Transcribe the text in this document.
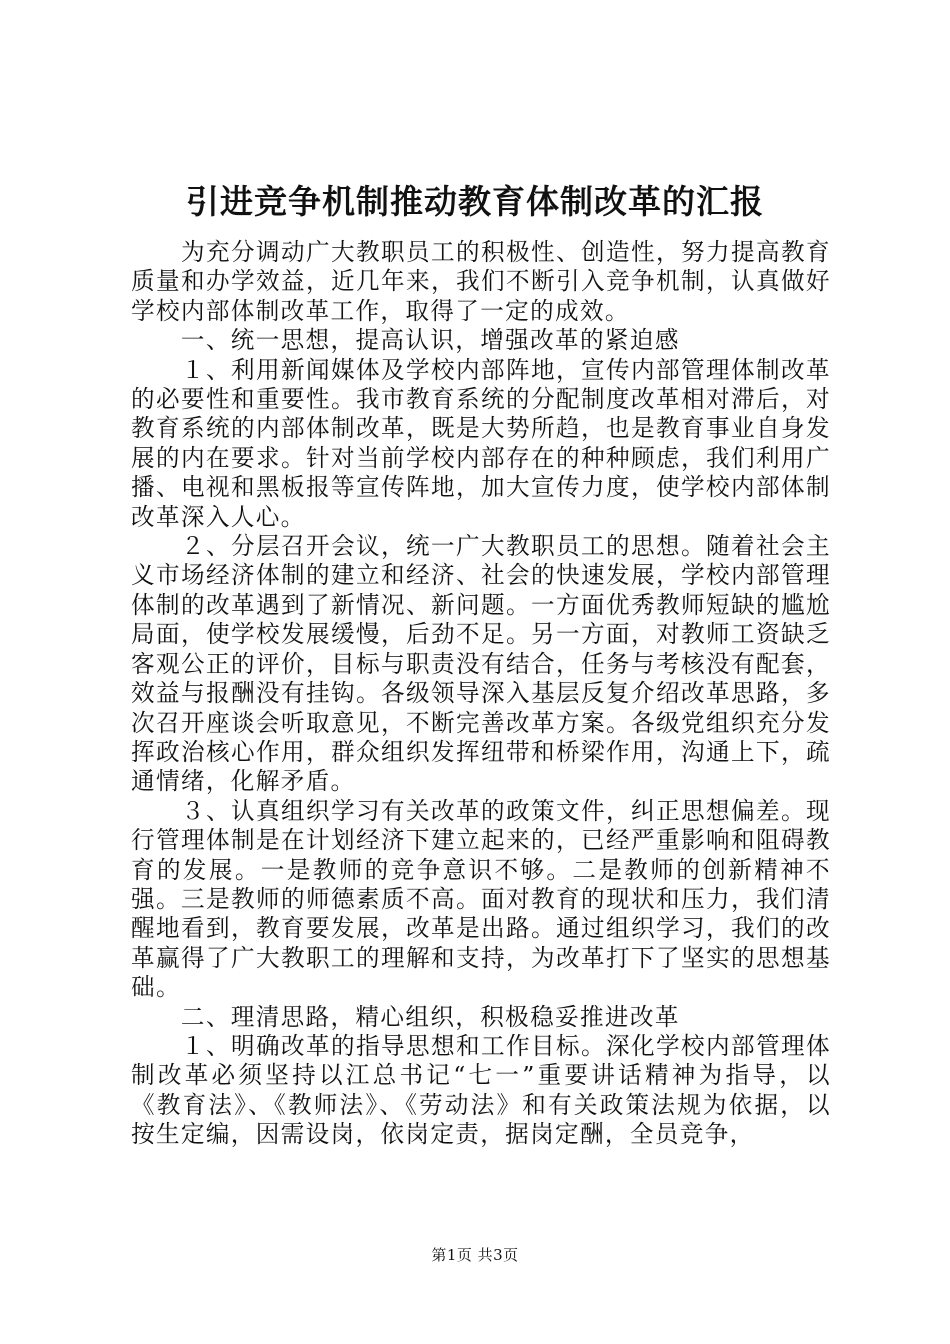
引进竞争机制推动教育体制改革的汇报

　　为充分调动广大教职员工的积极性、创造性，努力提高教育质量和办学效益，近几年来，我们不断引入竞争机制，认真做好学校内部体制改革工作，取得了一定的成效。

　　一、统一思想，提高认识，增强改革的紧迫感

　　１、利用新闻媒体及学校内部阵地，宣传内部管理体制改革的必要性和重要性。我市教育系统的分配制度改革相对滞后，对教育系统的内部体制改革，既是大势所趋，也是教育事业自身发展的内在要求。针对当前学校内部存在的种种顾虑，我们利用广播、电视和黑板报等宣传阵地，加大宣传力度，使学校内部体制改革深入人心。

　　２、分层召开会议，统一广大教职员工的思想。随着社会主义市场经济体制的建立和经济、社会的快速发展，学校内部管理体制的改革遇到了新情况、新问题。一方面优秀教师短缺的尴尬局面，使学校发展缓慢，后劲不足。另一方面，对教师工资缺乏客观公正的评价，目标与职责没有结合，任务与考核没有配套，效益与报酬没有挂钩。各级领导深入基层反复介绍改革思路，多次召开座谈会听取意见，不断完善改革方案。各级党组织充分发挥政治核心作用，群众组织发挥纽带和桥梁作用，沟通上下，疏通情绪，化解矛盾。

　　３、认真组织学习有关改革的政策文件，纠正思想偏差。现行管理体制是在计划经济下建立起来的，已经严重影响和阻碍教育的发展。一是教师的竞争意识不够。二是教师的创新精神不强。三是教师的师德素质不高。面对教育的现状和压力，我们清醒地看到，教育要发展，改革是出路。通过组织学习，我们的改革赢得了广大教职工的理解和支持，为改革打下了坚实的思想基础。

　　二、理清思路，精心组织，积极稳妥推进改革

　　１、明确改革的指导思想和工作目标。深化学校内部管理体制改革必须坚持以江总书记“七一”重要讲话精神为指导，以《教育法》、《教师法》、《劳动法》和有关政策法规为依据，以按生定编，因需设岗，依岗定责，据岗定酬，全员竞争，

第1页 共3页
